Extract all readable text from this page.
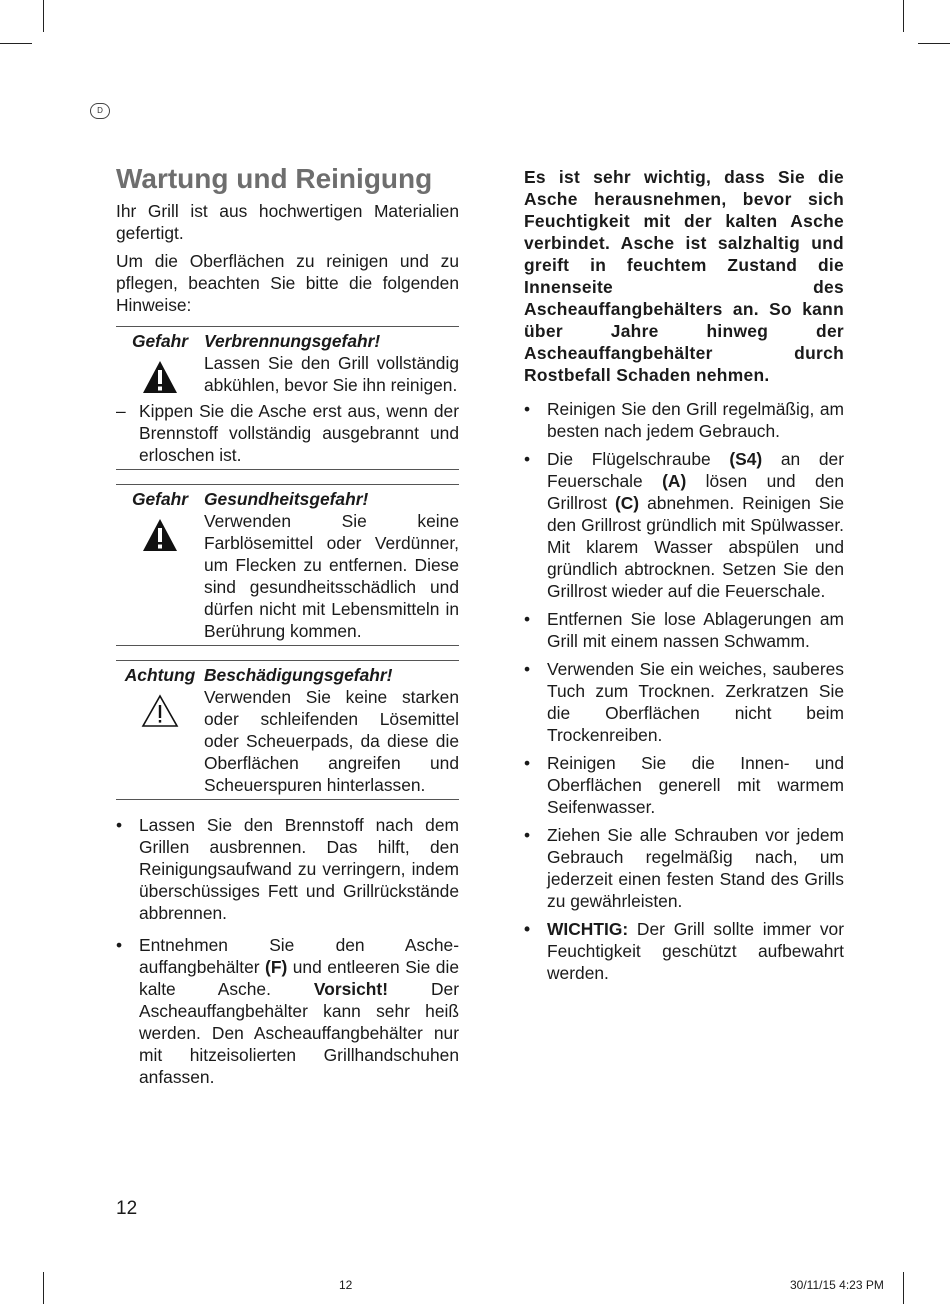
D
Wartung und Reinigung

Ihr Grill ist aus hochwertigen Materialien gefertigt.

Um die Oberflächen zu reinigen und zu pflegen, beachten Sie bitte die folgenden Hinweise:

Gefahr Verbrennungsgefahr!
Lassen Sie den Grill vollständig abkühlen, bevor Sie ihn reinigen.
– Kippen Sie die Asche erst aus, wenn der Brennstoff vollständig ausgebrannt und erloschen ist.
Gefahr Gesundheitsgefahr!
Verwenden Sie keine Farblösemittel oder Verdünner, um Flecken zu entfernen. Diese sind gesundheitsschädlich und dürfen nicht mit Lebensmitteln in Berührung kommen.
Achtung Beschädigungsgefahr!
Verwenden Sie keine starken oder schleifenden Lösemittel oder Scheuerpads, da diese die Oberflächen angreifen und Scheuerspuren hinterlassen.
• Lassen Sie den Brennstoff nach dem Grillen ausbrennen. Das hilft, den Reinigungsaufwand zu verringern, indem überschüssiges Fett und Grillrückstände abbrennen.
• Entnehmen Sie den Ascheauffangbehälter (F) und entleeren Sie die kalte Asche. Vorsicht! Der Ascheauffangbehälter kann sehr heiß werden. Den Ascheauffangbehälter nur mit hitzeisolierten Grillhandschuhen anfassen.

Es ist sehr wichtig, dass Sie die Asche herausnehmen, bevor sich Feuchtigkeit mit der kalten Asche verbindet. Asche ist salzhaltig und greift in feuchtem Zustand die Innenseite des Ascheauffangbehälters an. So kann über Jahre hinweg der Ascheauffangbehälter durch Rostbefall Schaden nehmen.

• Reinigen Sie den Grill regelmäßig, am besten nach jedem Gebrauch.
• Die Flügelschraube (S4) an der Feuerschale (A) lösen und den Grillrost (C) abnehmen. Reinigen Sie den Grillrost gründlich mit Spülwasser. Mit klarem Wasser abspülen und gründlich abtrocknen. Setzen Sie den Grillrost wieder auf die Feuerschale.
• Entfernen Sie lose Ablagerungen am Grill mit einem nassen Schwamm.
• Verwenden Sie ein weiches, sauberes Tuch zum Trocknen. Zerkratzen Sie die Oberflächen nicht beim Trockenreiben.
• Reinigen Sie die Innen- und Oberflächen generell mit warmem Seifenwasser.
• Ziehen Sie alle Schrauben vor jedem Gebrauch regelmäßig nach, um jederzeit einen festen Stand des Grills zu gewährleisten.
• WICHTIG: Der Grill sollte immer vor Feuchtigkeit geschützt aufbewahrt werden.
12
12	30/11/15 4:23 PM
